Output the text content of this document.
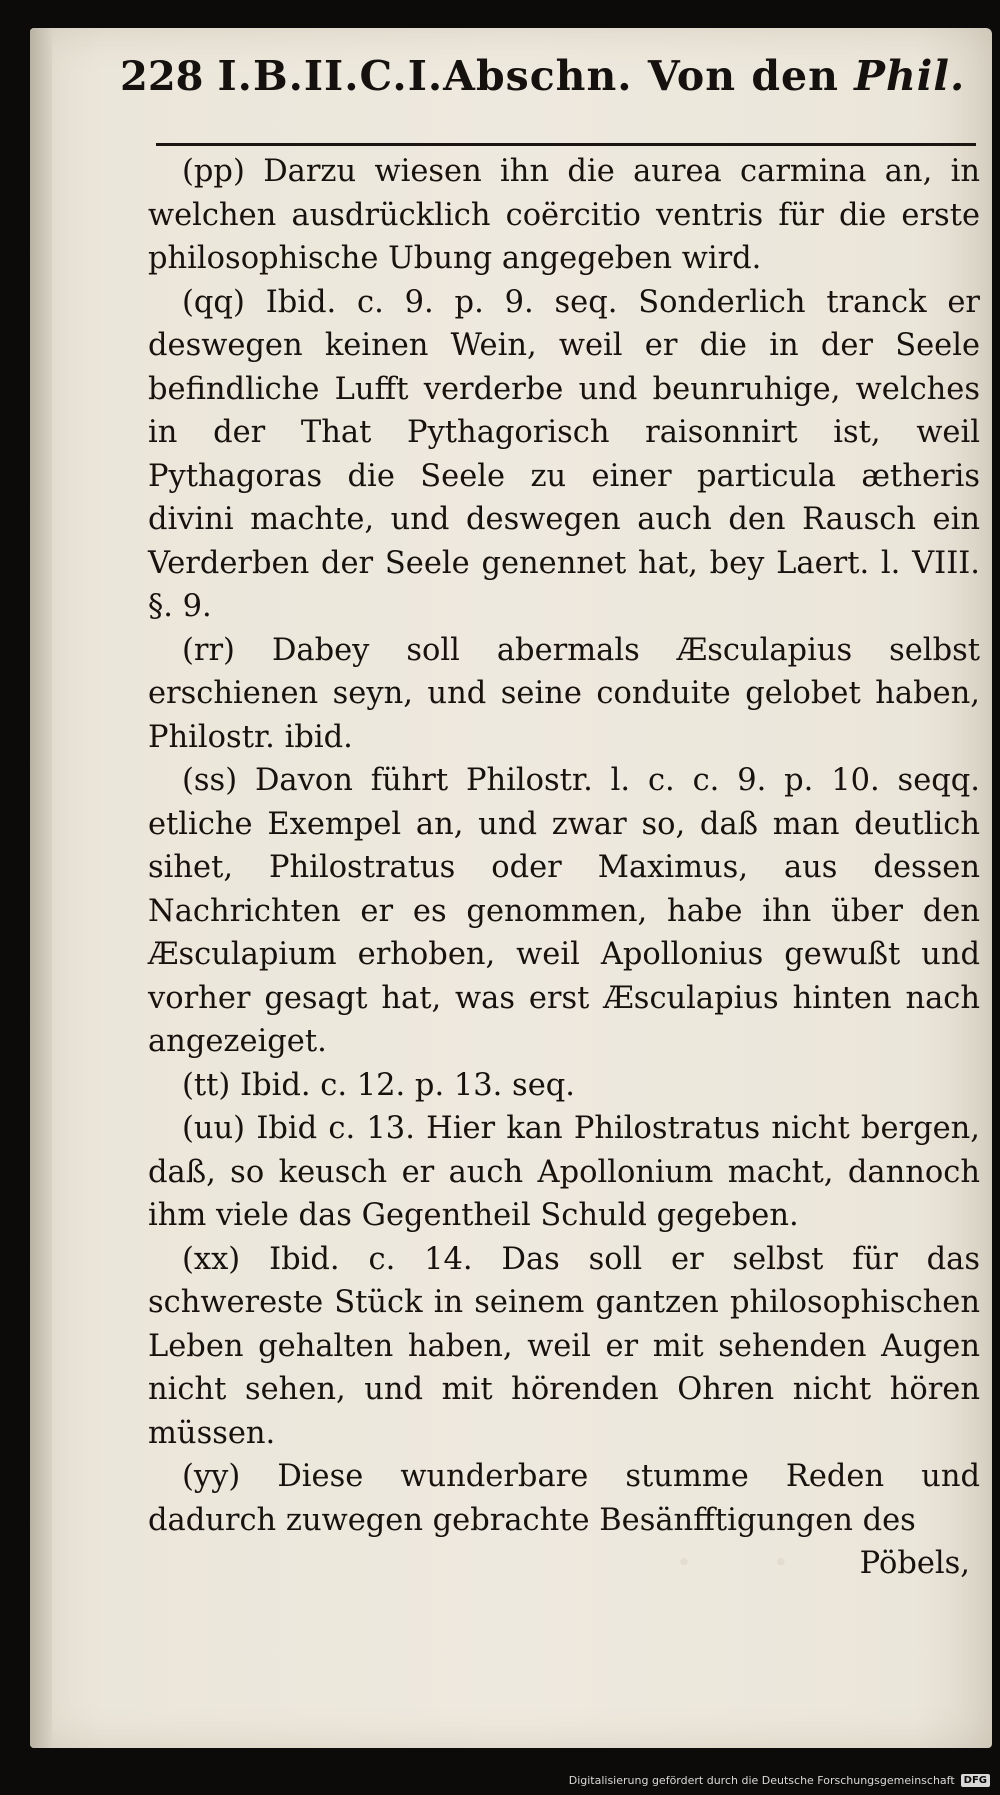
· ·
228 I.B.II.C.I.Abschn. Von den Phil.

(pp) Darzu wiesen ihn die aurea carmina an, in welchen ausdrücklich coërcitio ventris für die erste philosophische Ubung angegeben wird.

(qq) Ibid. c. 9. p. 9. seq. Sonderlich tranck er deswegen keinen Wein, weil er die in der Seele befindliche Lufft verderbe und beunruhige, welches in der That Pythagorisch raisonnirt ist, weil Pythagoras die Seele zu einer particula ætheris divini machte, und deswegen auch den Rausch ein Verderben der Seele genennet hat, bey Laert. l. VIII. §. 9.

(rr) Dabey soll abermals Æsculapius selbst erschienen seyn, und seine conduite gelobet haben, Philostr. ibid.

(ss) Davon führt Philostr. l. c. c. 9. p. 10. seqq. etliche Exempel an, und zwar so, daß man deutlich sihet, Philostratus oder Maximus, aus dessen Nachrichten er es genommen, habe ihn über den Æsculapium erhoben, weil Apollonius gewußt und vorher gesagt hat, was erst Æsculapius hinten nach angezeiget.

(tt) Ibid. c. 12. p. 13. seq.

(uu) Ibid c. 13. Hier kan Philostratus nicht bergen, daß, so keusch er auch Apollonium macht, dannoch ihm viele das Gegentheil Schuld gegeben.

(xx) Ibid. c. 14. Das soll er selbst für das schwereste Stück in seinem gantzen philosophischen Leben gehalten haben, weil er mit sehenden Augen nicht sehen, und mit hörenden Ohren nicht hören müssen.

(yy) Diese wunderbare stumme Reden und dadurch zuwegen gebrachte Besänfftigungen des

Pöbels,

Digitalisierung gefördert durch die Deutsche Forschungsgemeinschaft DFG
